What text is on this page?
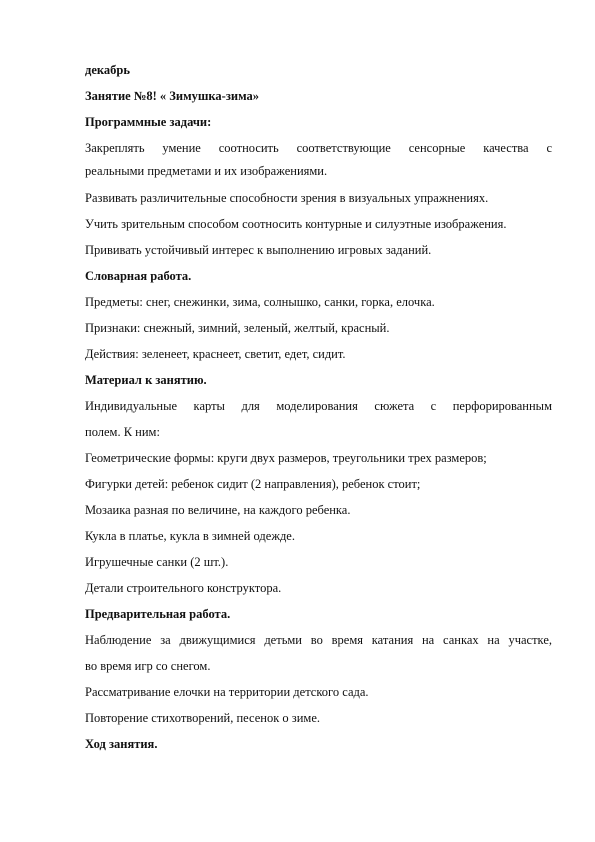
декабрь
Занятие №8! « Зимушка-зима»
Программные задачи:
Закреплять умение соотносить соответствующие сенсорные качества с
реальными предметами и их изображениями.
Развивать различительные способности зрения в визуальных упражнениях.
Учить зрительным способом соотносить контурные и силуэтные изображения.
Прививать устойчивый интерес к выполнению игровых заданий.
Словарная работа.
Предметы: снег, снежинки, зима, солнышко, санки, горка, елочка.
Признаки: снежный, зимний, зеленый, желтый, красный.
Действия: зеленеет, краснеет, светит, едет, сидит.
Материал к занятию.
Индивидуальные карты для моделирования сюжета с перфорированным
полем. К ним:
Геометрические формы: круги двух размеров, треугольники трех размеров;
Фигурки детей: ребенок сидит (2 направления), ребенок стоит;
Мозаика разная по величине, на каждого ребенка.
Кукла в платье, кукла в зимней одежде.
Игрушечные санки (2 шт.).
Детали строительного конструктора.
Предварительная работа.
Наблюдение за движущимися детьми во время катания на санках на участке,
во время игр со снегом.
Рассматривание елочки на территории детского сада.
Повторение стихотворений, песенок о зиме.
Ход занятия.
